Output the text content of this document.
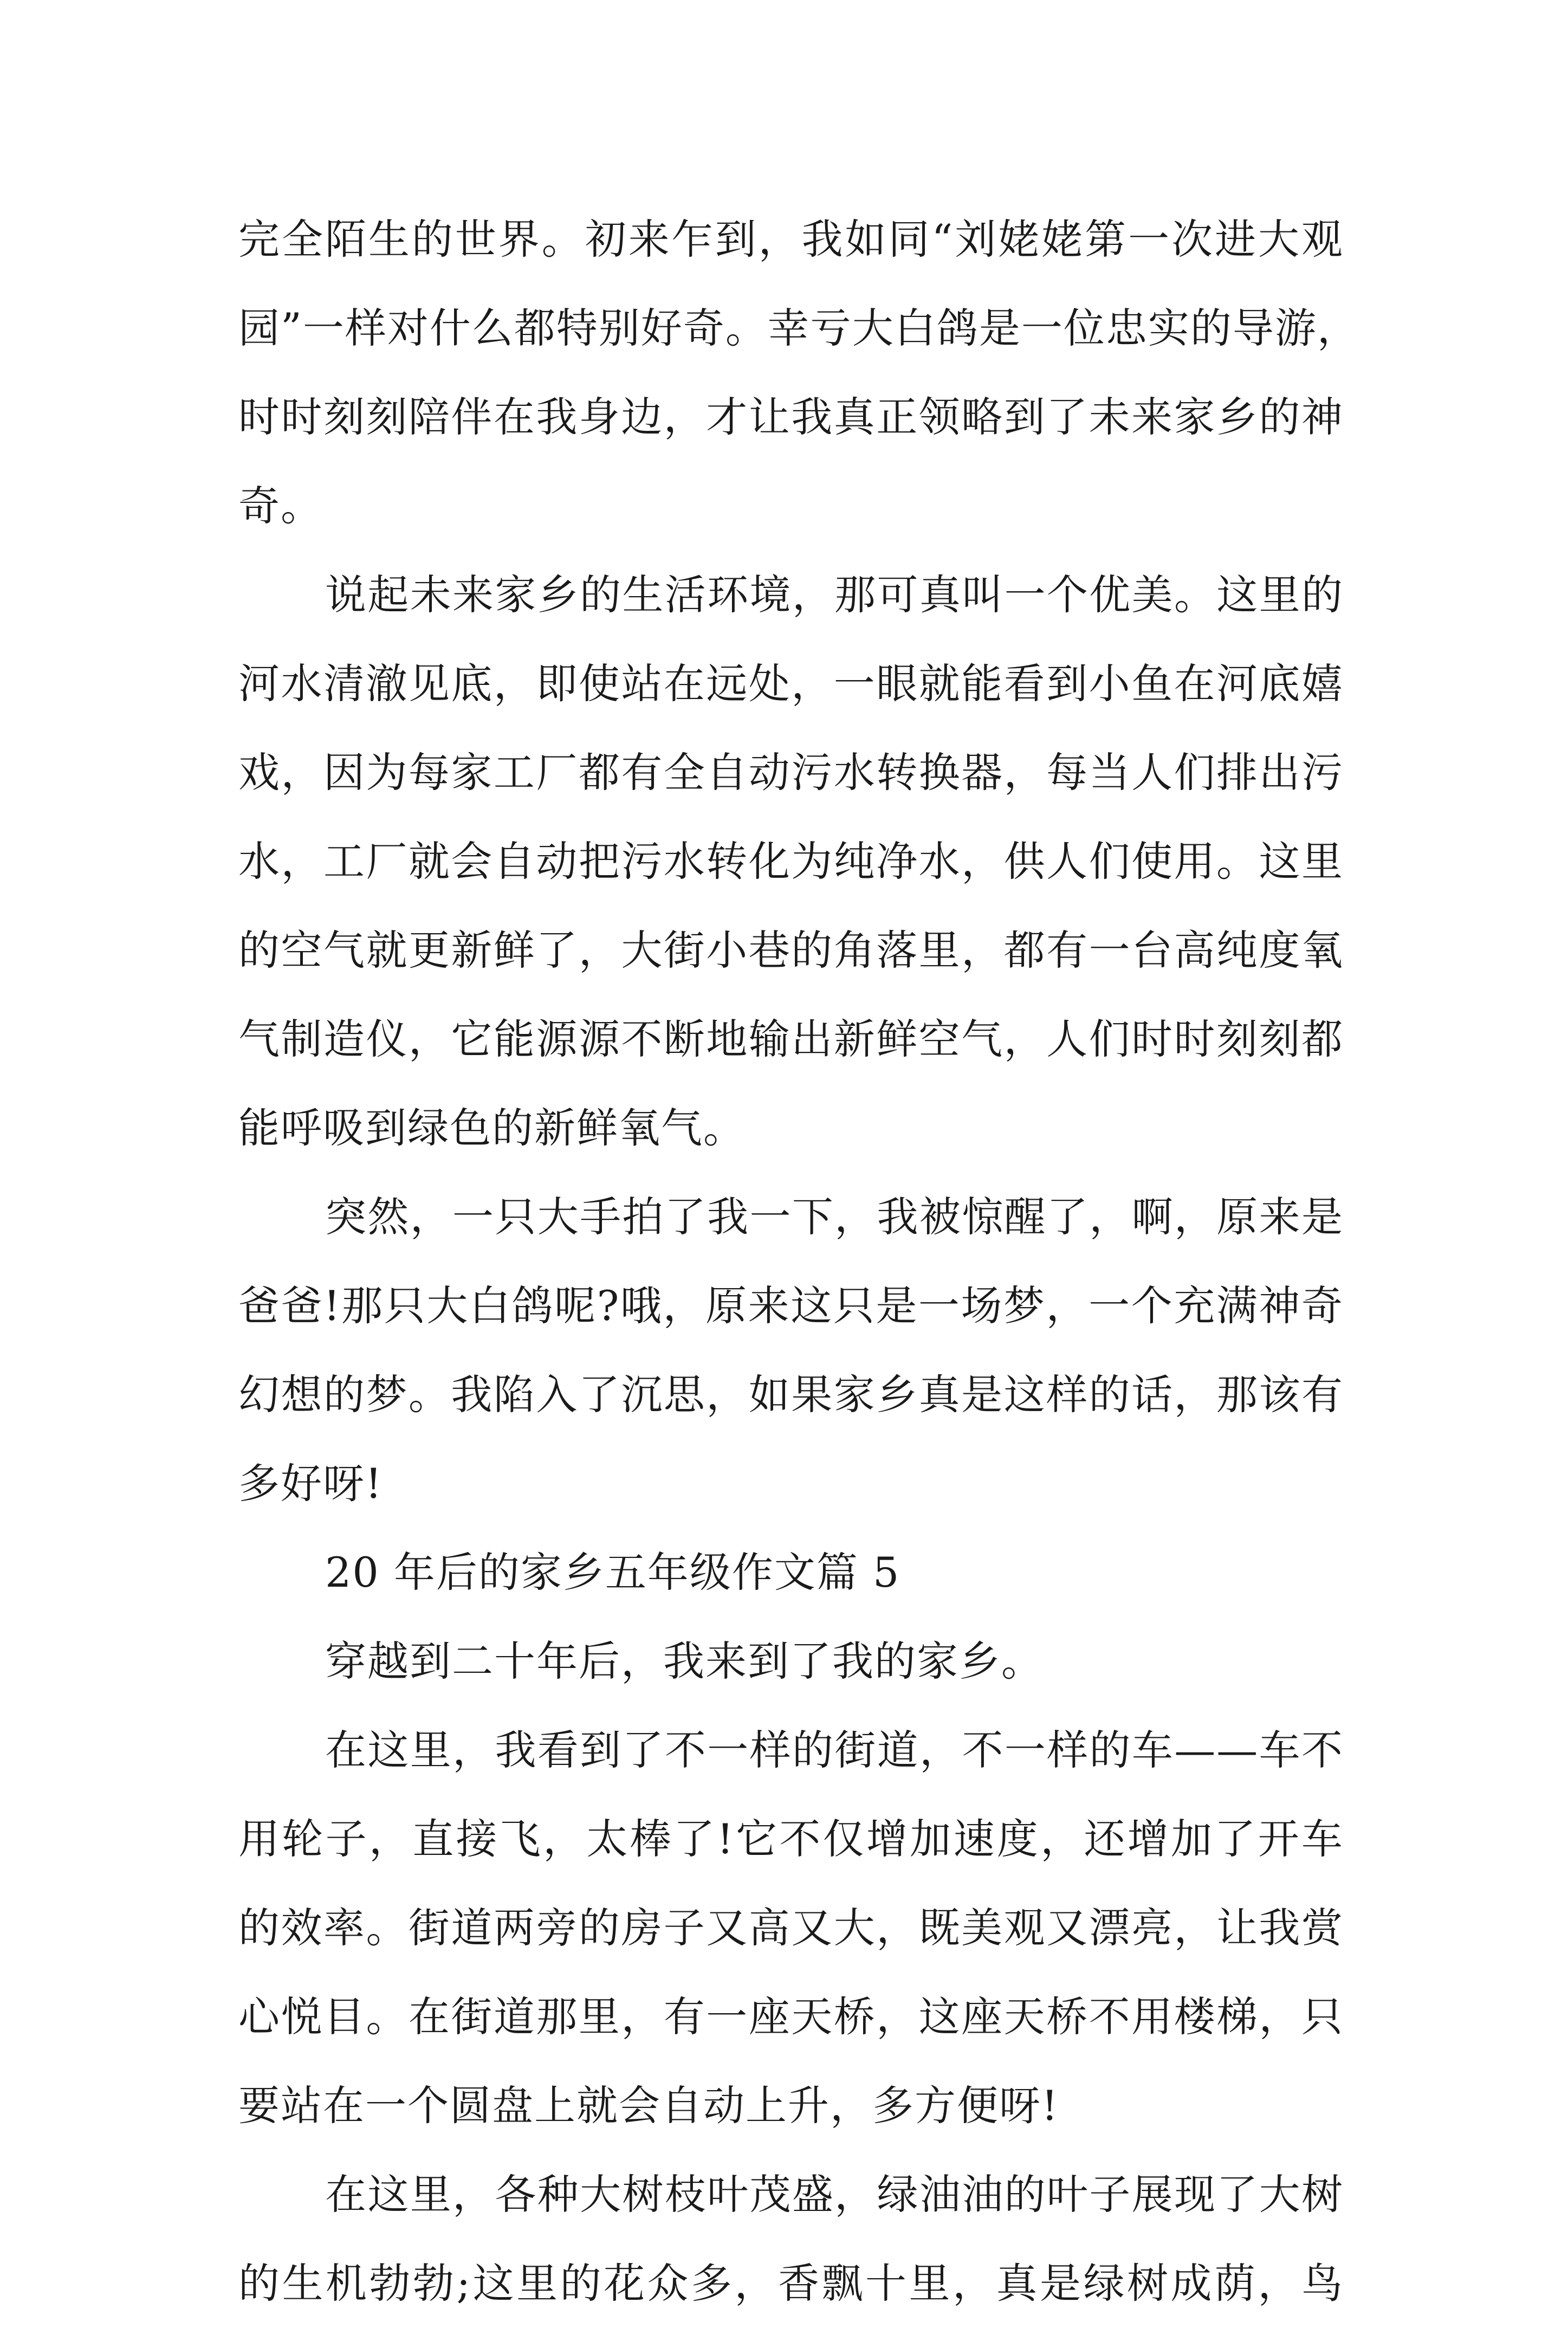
完全陌生的世界。初来乍到，我如同“刘姥姥第一次进大观
园”一样对什么都特别好奇。幸亏大白鸽是一位忠实的导游，
时时刻刻陪伴在我身边，才让我真正领略到了未来家乡的神
奇。
说起未来家乡的生活环境，那可真叫一个优美。这里的
河水清澈见底，即使站在远处，一眼就能看到小鱼在河底嬉
戏，因为每家工厂都有全自动污水转换器，每当人们排出污
水，工厂就会自动把污水转化为纯净水，供人们使用。这里
的空气就更新鲜了，大街小巷的角落里，都有一台高纯度氧
气制造仪，它能源源不断地输出新鲜空气，人们时时刻刻都
能呼吸到绿色的新鲜氧气。
突然，一只大手拍了我一下，我被惊醒了，啊，原来是
爸爸!那只大白鸽呢?哦，原来这只是一场梦，一个充满神奇
幻想的梦。我陷入了沉思，如果家乡真是这样的话，那该有
多好呀!
20 年后的家乡五年级作文篇 5
穿越到二十年后，我来到了我的家乡。
在这里，我看到了不一样的街道，不一样的车——车不
用轮子，直接飞，太棒了!它不仅增加速度，还增加了开车
的效率。街道两旁的房子又高又大，既美观又漂亮，让我赏
心悦目。在街道那里，有一座天桥，这座天桥不用楼梯，只
要站在一个圆盘上就会自动上升，多方便呀!
在这里，各种大树枝叶茂盛，绿油油的叶子展现了大树
的生机勃勃;这里的花众多，香飘十里，真是绿树成荫，鸟
